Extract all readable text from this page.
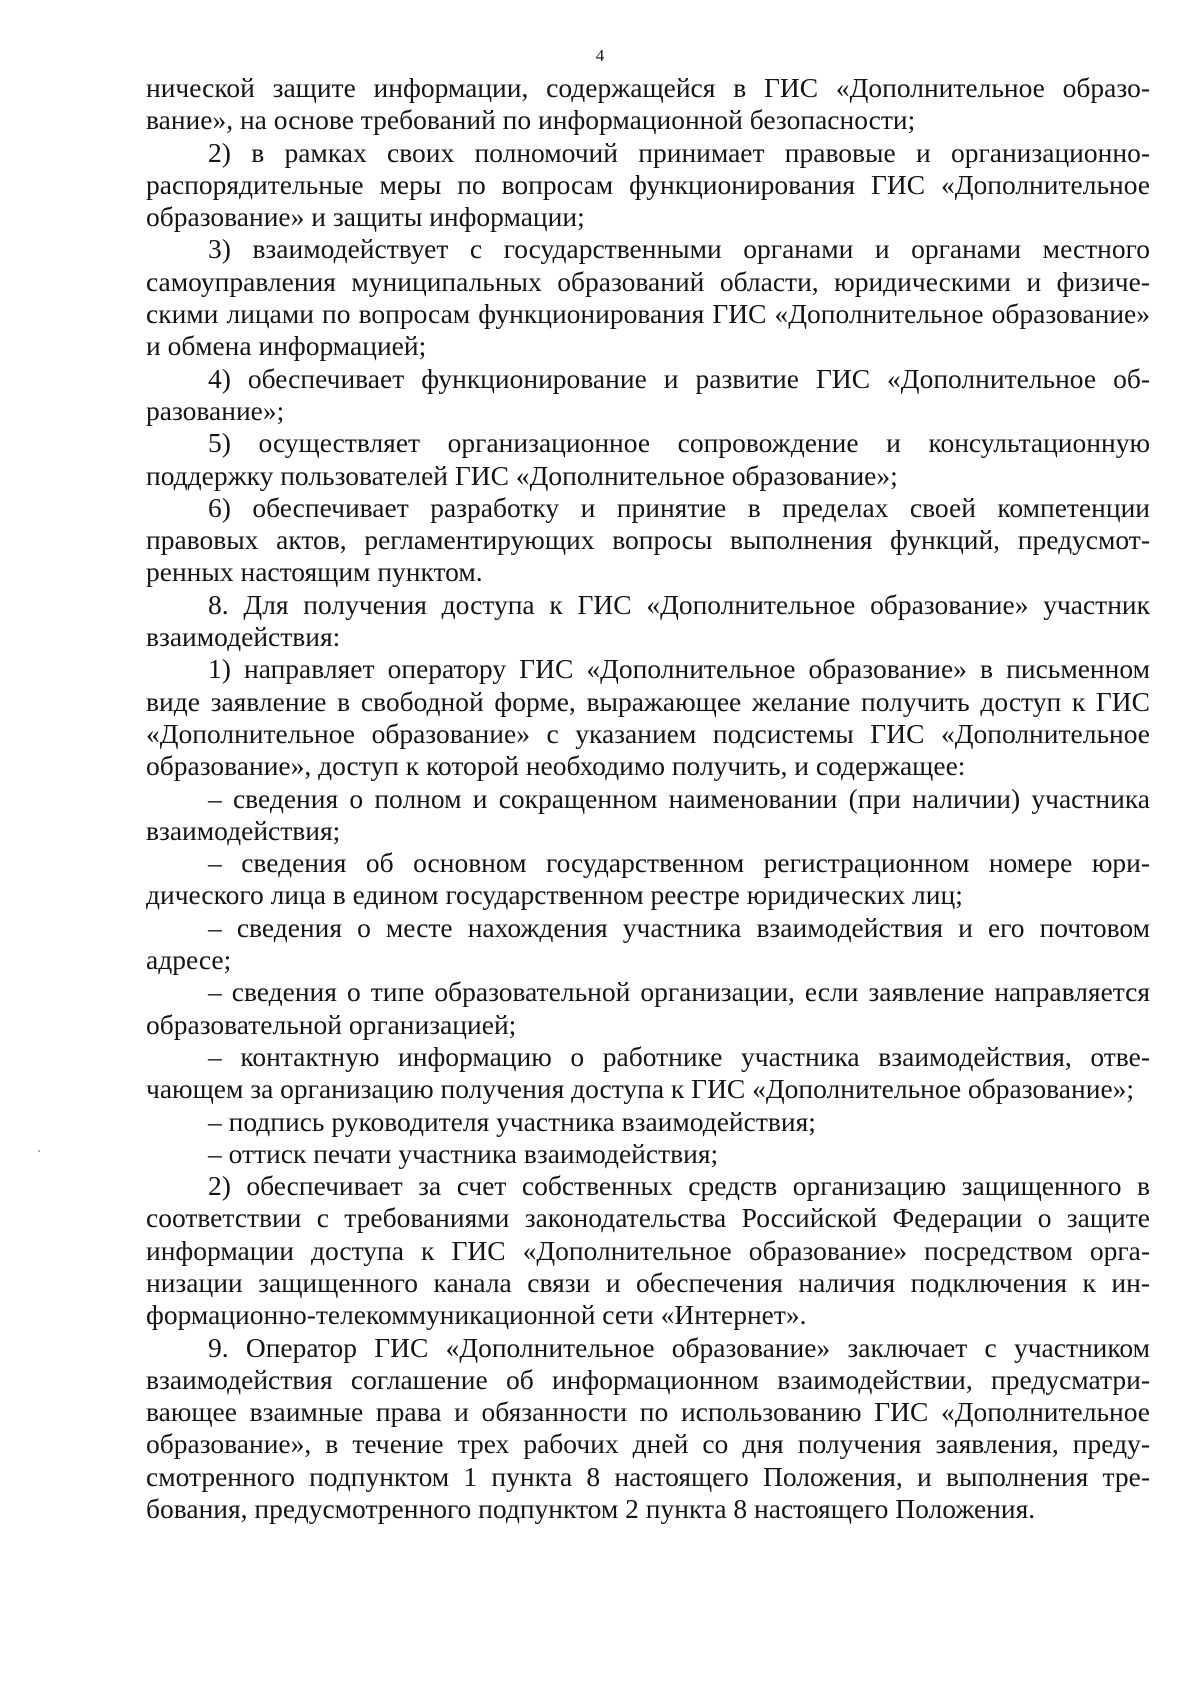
4

нической защите информации, содержащейся в ГИС «Дополнительное образование», на основе требований по информационной безопасности;

2) в рамках своих полномочий принимает правовые и организационно-распорядительные меры по вопросам функционирования ГИС «Дополнительное образование» и защиты информации;

3) взаимодействует с государственными органами и органами местного самоуправления муниципальных образований области, юридическими и физическими лицами по вопросам функционирования ГИС «Дополнительное образование» и обмена информацией;

4) обеспечивает функционирование и развитие ГИС «Дополнительное образование»;

5) осуществляет организационное сопровождение и консультационную поддержку пользователей ГИС «Дополнительное образование»;

6) обеспечивает разработку и принятие в пределах своей компетенции правовых актов, регламентирующих вопросы выполнения функций, предусмотренных настоящим пунктом.

8. Для получения доступа к ГИС «Дополнительное образование» участник взаимодействия:

1) направляет оператору ГИС «Дополнительное образование» в письменном виде заявление в свободной форме, выражающее желание получить доступ к ГИС «Дополнительное образование» с указанием подсистемы ГИС «Дополнительное образование», доступ к которой необходимо получить, и содержащее:

– сведения о полном и сокращенном наименовании (при наличии) участника взаимодействия;

– сведения об основном государственном регистрационном номере юридического лица в едином государственном реестре юридических лиц;

– сведения о месте нахождения участника взаимодействия и его почтовом адресе;

– сведения о типе образовательной организации, если заявление направляется образовательной организацией;

– контактную информацию о работнике участника взаимодействия, отвечающем за организацию получения доступа к ГИС «Дополнительное образование»;

– подпись руководителя участника взаимодействия;

– оттиск печати участника взаимодействия;

2) обеспечивает за счет собственных средств организацию защищенного в соответствии с требованиями законодательства Российской Федерации о защите информации доступа к ГИС «Дополнительное образование» посредством организации защищенного канала связи и обеспечения наличия подключения к информационно-телекоммуникационной сети «Интернет».

9. Оператор ГИС «Дополнительное образование» заключает с участником взаимодействия соглашение об информационном взаимодействии, предусматривающее взаимные права и обязанности по использованию ГИС «Дополнительное образование», в течение трех рабочих дней со дня получения заявления, предусмотренного подпунктом 1 пункта 8 настоящего Положения, и выполнения требования, предусмотренного подпунктом 2 пункта 8 настоящего Положения.
